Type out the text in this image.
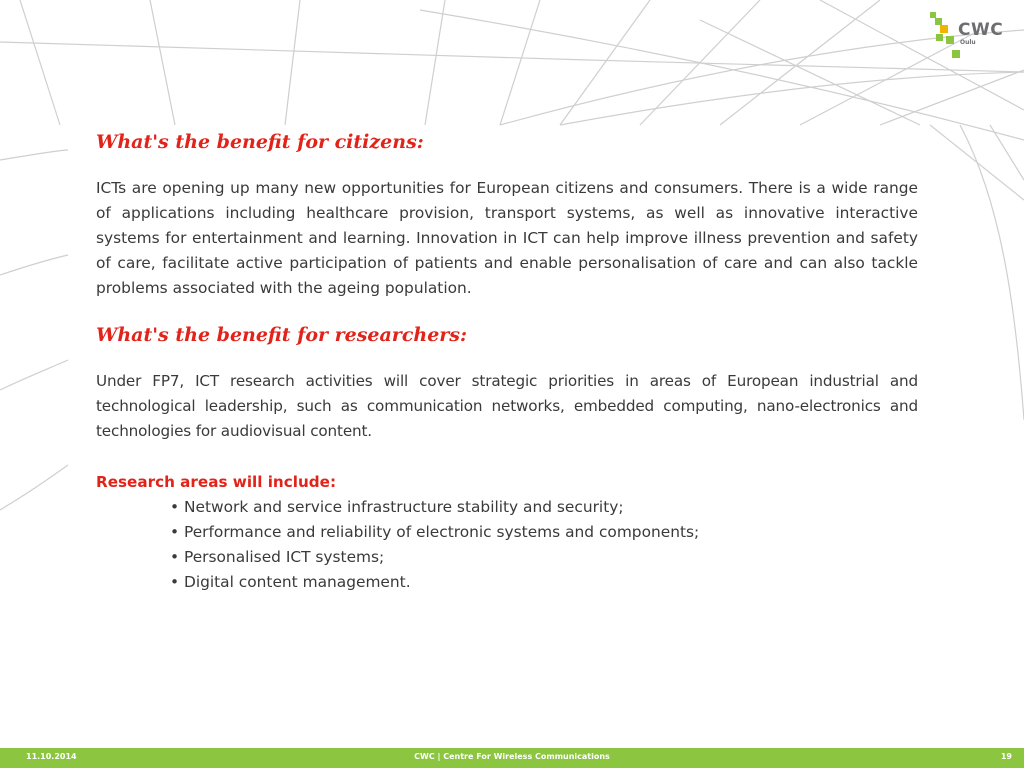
CWC
Oulu
What's the benefit for citizens:

ICTs are opening up many new opportunities for European citizens and consumers. There is a wide range of applications including healthcare provision, transport systems, as well as innovative interactive systems for entertainment and learning. Innovation in ICT can help improve illness prevention and safety of care, facilitate active participation of patients and enable personalisation of care and can also tackle problems associated with the ageing population.

What's the benefit for researchers:

Under FP7, ICT research activities will cover strategic priorities in areas of European industrial and technological leadership, such as communication networks, embedded computing, nano-electronics and technologies for audiovisual content.

Research areas will include:
• Network and service infrastructure stability and security;
• Performance and reliability of electronic systems and components;
• Personalised ICT systems;
• Digital content management.
11.10.2014	CWC | Centre For Wireless Communications	19
